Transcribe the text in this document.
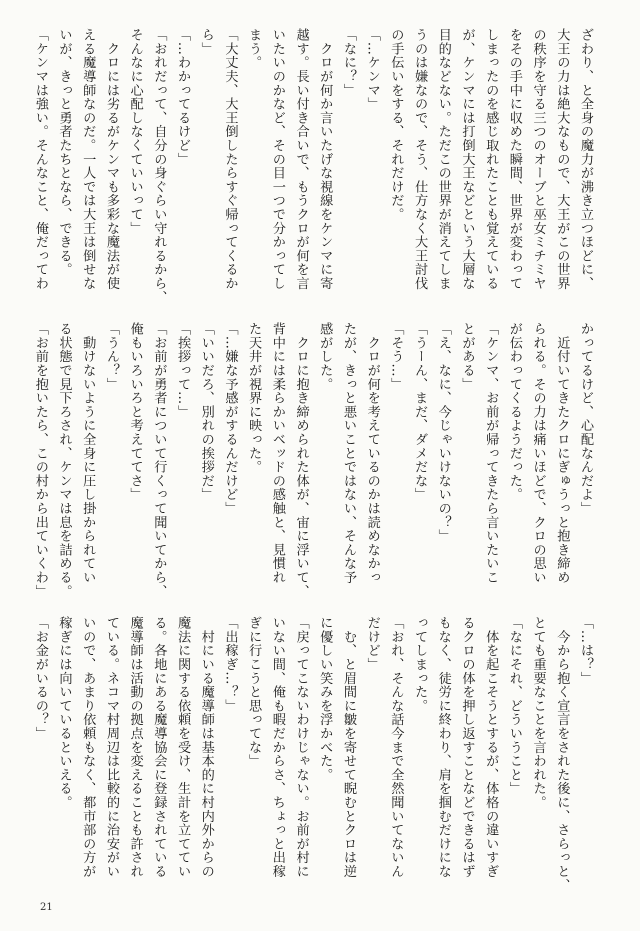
ざわり、と全身の魔力が沸き立つほどに、
大王の力は絶大なもので、大王がこの世界
の秩序を守る三つのオーブと巫女ミチミヤ
をその手中に収めた瞬間、世界が変わって
しまったのを感じ取れたことも覚えている
が、ケンマには打倒大王などという大層な
目的などない。ただこの世界が消えてしま
うのは嫌なので、そう、仕方なく大王討伐
の手伝いをする、それだけだ。
「…ケンマ」
「なに？」
　クロが何か言いたげな視線をケンマに寄
越す。長い付き合いで、もうクロが何を言
いたいのかなど、その目一つで分かってし
まう。
「大丈夫、大王倒したらすぐ帰ってくるか
ら」
「…わかってるけど」
「おれだって、自分の身ぐらい守れるから、
そんなに心配しなくていいって」
　クロには劣るがケンマも多彩な魔法が使
える魔導師なのだ。一人では大王は倒せな
いが、きっと勇者たちとなら、できる。
「ケンマは強い。そんなこと、俺だってわ
かってるけど、心配なんだよ」
　近付いてきたクロにぎゅうっと抱き締め
られる。その力は痛いほどで、クロの思い
が伝わってくるようだった。
「ケンマ、お前が帰ってきたら言いたいこ
とがある」
「え、なに、今じゃいけないの？」
「うーん、まだ、ダメだな」
「そう…」
　クロが何を考えているのかは読めなかっ
たが、きっと悪いことではない、そんな予
感がした。
　クロに抱き締められた体が、宙に浮いて、
背中には柔らかいベッドの感触と、見慣れ
た天井が視界に映った。
「…嫌な予感がするんだけど」
「いいだろ、別れの挨拶だ」
「挨拶って…」
「お前が勇者について行くって聞いてから、
俺もいろいろと考えててさ」
「うん？」
　動けないように全身に圧し掛かられてい
る状態で見下ろされ、ケンマは息を詰める。
「お前を抱いたら、この村から出ていくわ」
「…は？」
　今から抱く宣言をされた後に、さらっと、
とても重要なことを言われた。
「なにそれ、どういうこと」
　体を起こそうとするが、体格の違いすぎ
るクロの体を押し返すことなどできるはず
もなく、徒労に終わり、肩を掴むだけにな
ってしまった。
「おれ、そんな話今まで全然聞いてないん
だけど」
　む、と眉間に皺を寄せて睨むとクロは逆
に優しい笑みを浮かべた。
「戻ってこないわけじゃない。お前が村に
いない間、俺も暇だからさ、ちょっと出稼
ぎに行こうと思ってな」
「出稼ぎ…？」
　村にいる魔導師は基本的に村内外からの
魔法に関する依頼を受け、生計を立ててい
る。各地にある魔導協会に登録されている
魔導師は活動の拠点を変えることも許され
ている。ネコマ村周辺は比較的に治安がい
いので、あまり依頼もなく、都市部の方が
稼ぎには向いているといえる。
「お金がいるの？」
21
